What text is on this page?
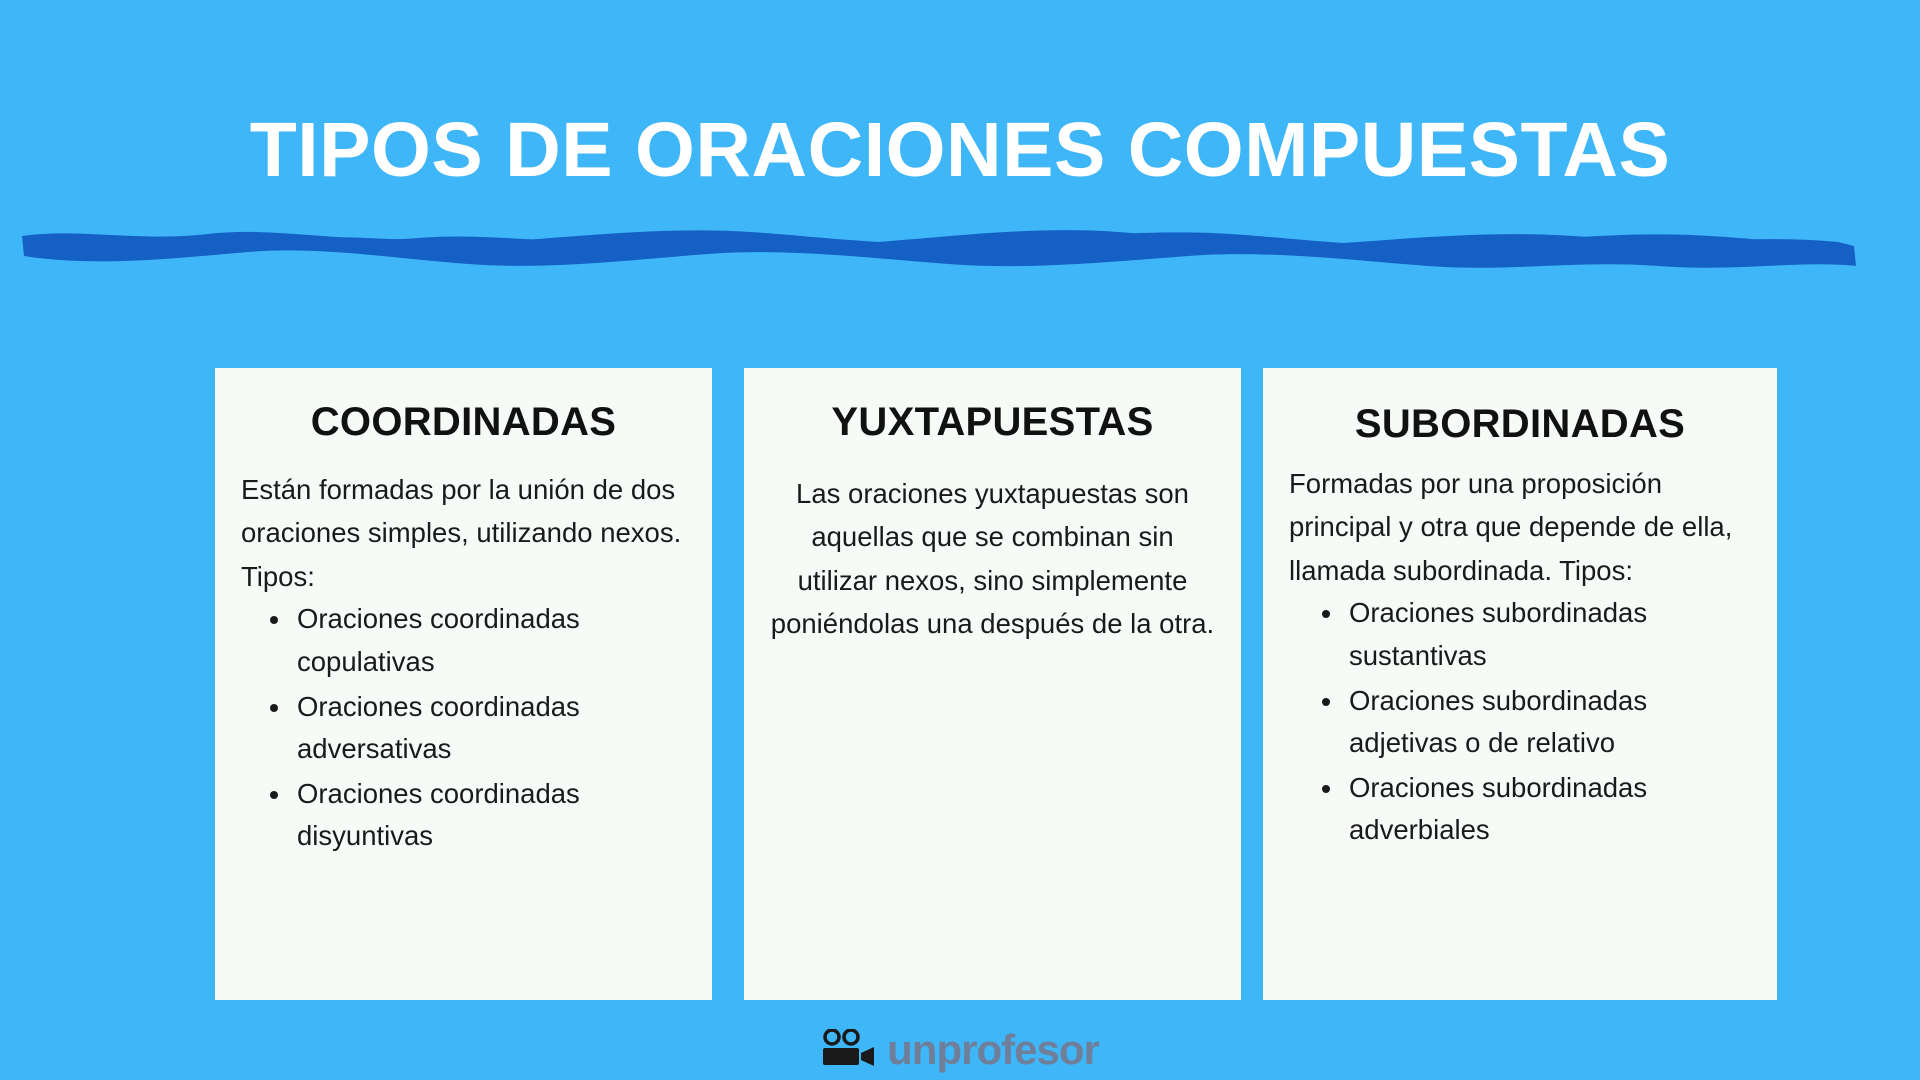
TIPOS DE ORACIONES COMPUESTAS
COORDINADAS

Están formadas por la unión de dos oraciones simples, utilizando nexos. Tipos:

• Oraciones coordinadas copulativas
• Oraciones coordinadas adversativas
• Oraciones coordinadas disyuntivas
YUXTAPUESTAS

Las oraciones yuxtapuestas son aquellas que se combinan sin utilizar nexos, sino simplemente poniéndolas una después de la otra.

SUBORDINADAS

Formadas por una proposición principal y otra que depende de ella, llamada subordinada. Tipos:

• Oraciones subordinadas sustantivas
• Oraciones subordinadas adjetivas o de relativo
• Oraciones subordinadas adverbiales
unprofesor
